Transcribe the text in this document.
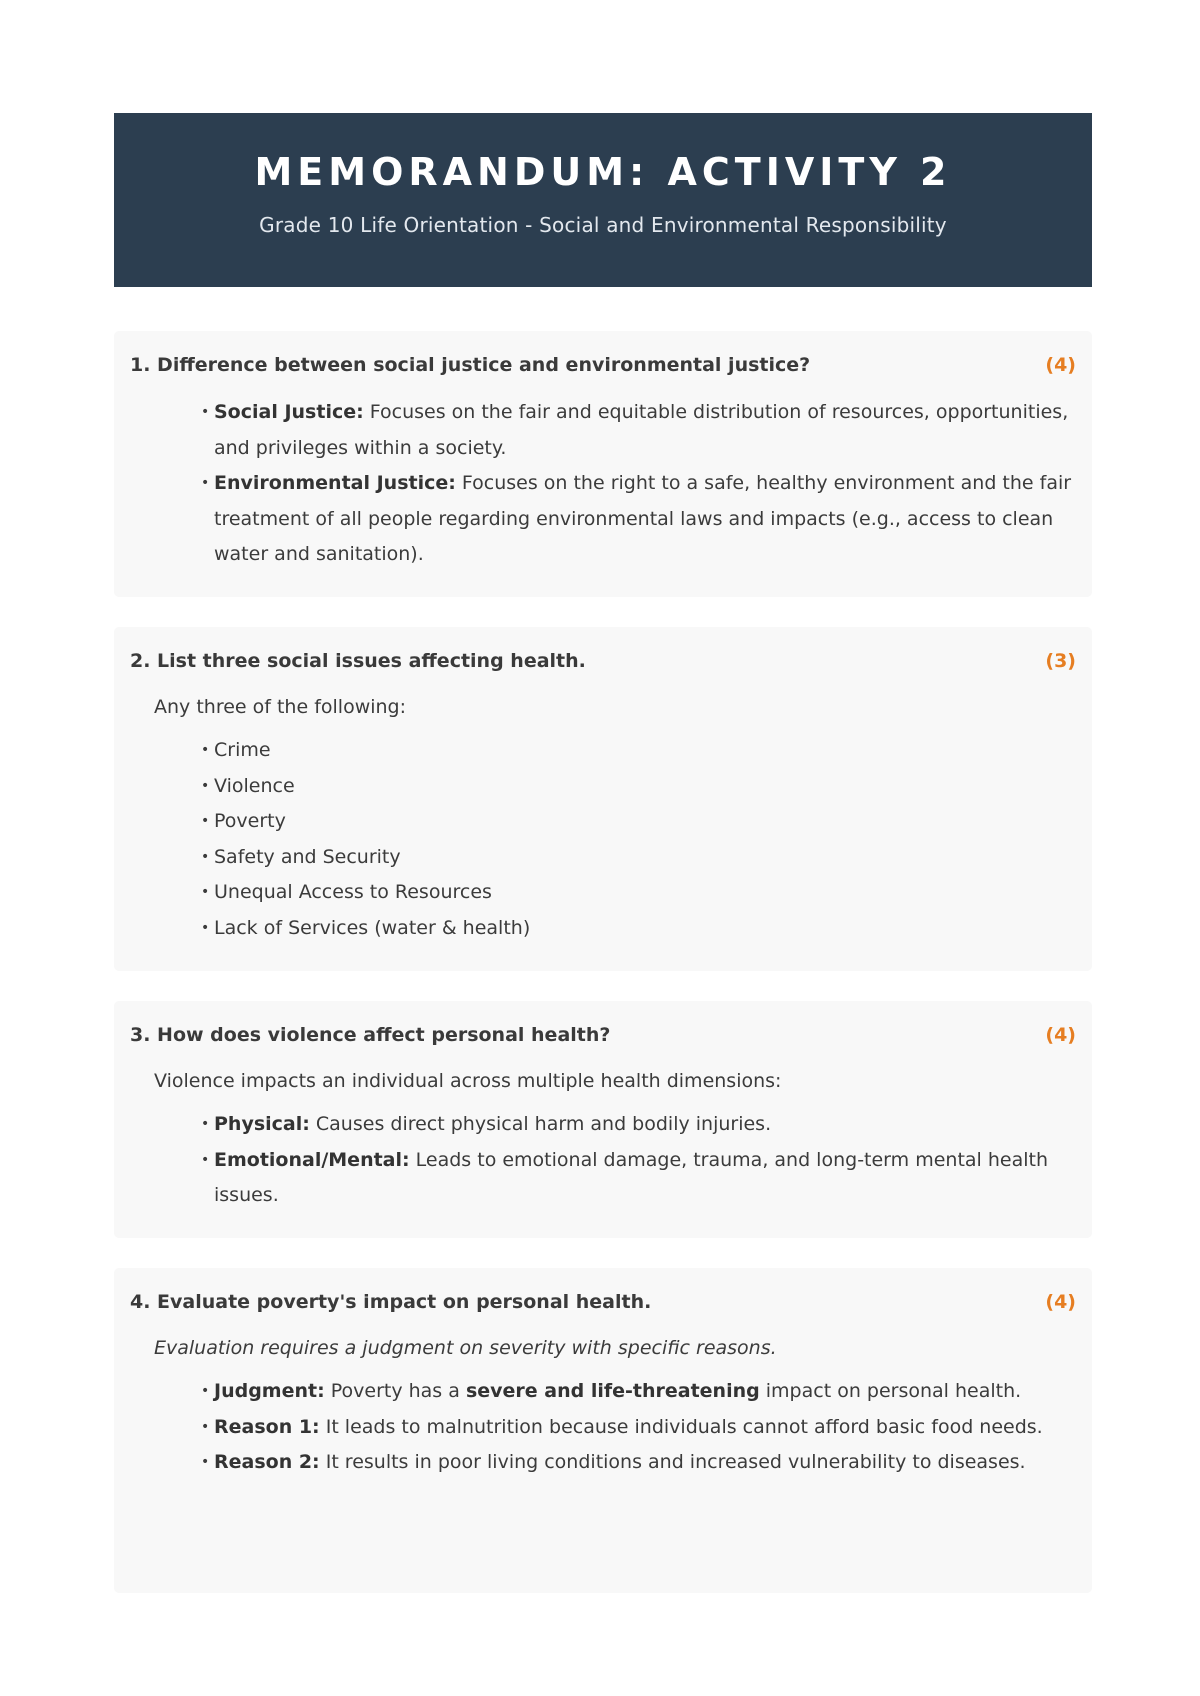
MEMORANDUM: ACTIVITY 2
Grade 10 Life Orientation - Social and Environmental Responsibility
1. Difference between social justice and environmental justice?	(4)
• Social Justice: Focuses on the fair and equitable distribution of resources, opportunities, and privileges within a society.
• Environmental Justice: Focuses on the right to a safe, healthy environment and the fair treatment of all people regarding environmental laws and impacts (e.g., access to clean water and sanitation).
2. List three social issues affecting health.	(3)
Any three of the following:
• Crime
• Violence
• Poverty
• Safety and Security
• Unequal Access to Resources
• Lack of Services (water & health)
3. How does violence affect personal health?	(4)
Violence impacts an individual across multiple health dimensions:
• Physical: Causes direct physical harm and bodily injuries.
• Emotional/Mental: Leads to emotional damage, trauma, and long-term mental health issues.
4. Evaluate poverty's impact on personal health.	(4)
Evaluation requires a judgment on severity with specific reasons.
• Judgment: Poverty has a severe and life-threatening impact on personal health.
• Reason 1: It leads to malnutrition because individuals cannot afford basic food needs.
• Reason 2: It results in poor living conditions and increased vulnerability to diseases.
